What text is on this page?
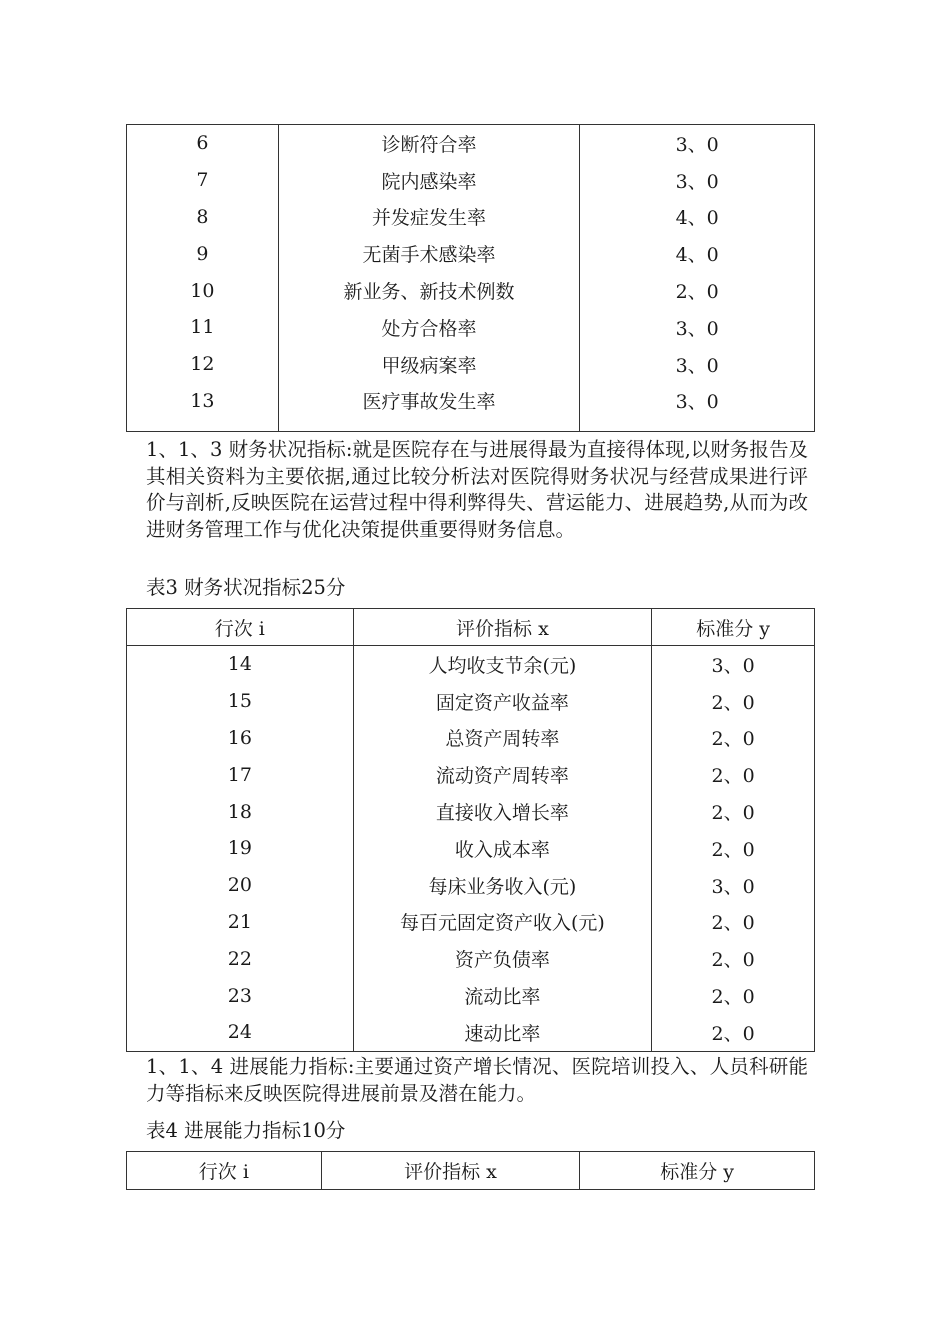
6	诊断符合率	3、0
7	院内感染率	3、0
8	并发症发生率	4、0
9	无菌手术感染率	4、0
10	新业务、新技术例数	2、0
11	处方合格率	3、0
12	甲级病案率	3、0
13	医疗事故发生率	3、0

1、1、3 财务状况指标:就是医院存在与进展得最为直接得体现,以财务报告及其相关资料为主要依据,通过比较分析法对医院得财务状况与经营成果进行评价与剖析,反映医院在运营过程中得利弊得失、营运能力、进展趋势,从而为改进财务管理工作与优化决策提供重要得财务信息。
表3 财务状况指标25分
行次 i	评价指标 x	标准分 y
14	人均收支节余(元)	3、0
15	固定资产收益率	2、0
16	总资产周转率	2、0
17	流动资产周转率	2、0
18	直接收入增长率	2、0
19	收入成本率	2、0
20	每床业务收入(元)	3、0
21	每百元固定资产收入(元)	2、0
22	资产负债率	2、0
23	流动比率	2、0
24	速动比率	2、0
1、1、4 进展能力指标:主要通过资产增长情况、医院培训投入、人员科研能力等指标来反映医院得进展前景及潜在能力。
表4 进展能力指标10分
行次 i	评价指标 x	标准分 y
